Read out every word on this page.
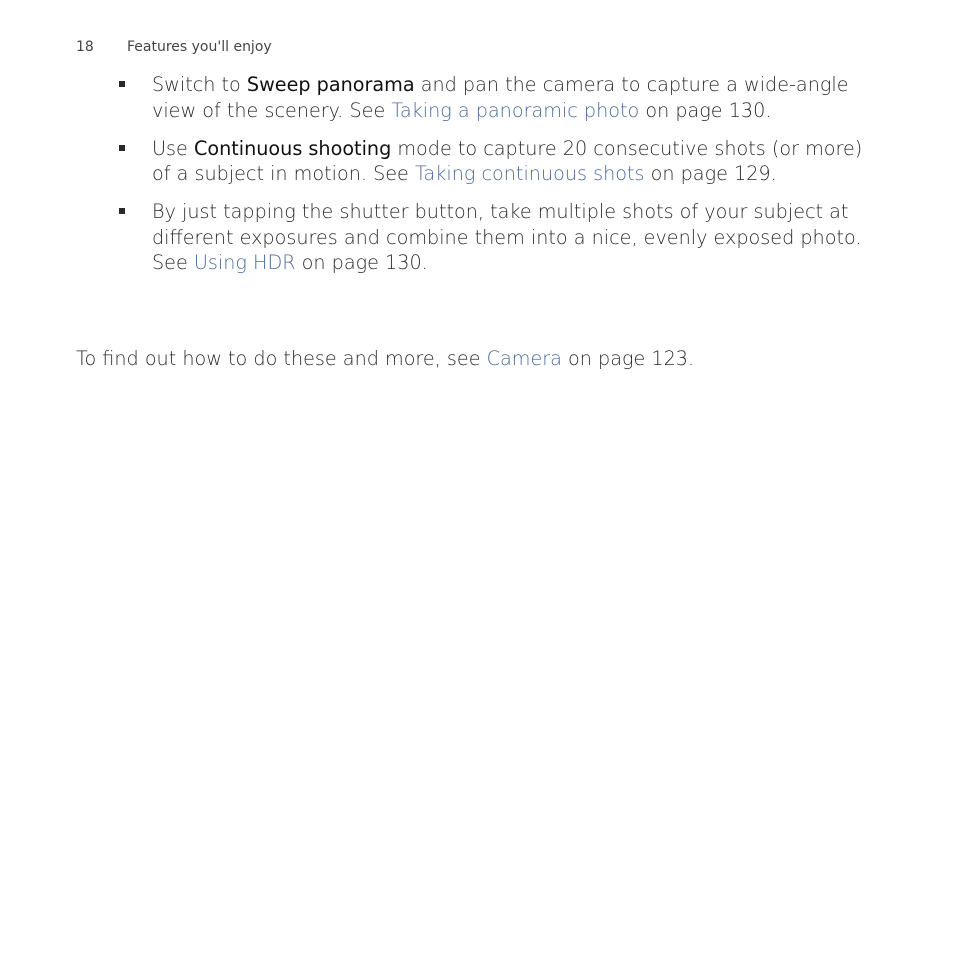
18 Features you'll enjoy
Switch to Sweep panorama and pan the camera to capture a wide-angle view of the scenery. See Taking a panoramic photo on page 130.
Use Continuous shooting mode to capture 20 consecutive shots (or more) of a subject in motion. See Taking continuous shots on page 129.
By just tapping the shutter button, take multiple shots of your subject at different exposures and combine them into a nice, evenly exposed photo. See Using HDR on page 130.

To find out how to do these and more, see Camera on page 123.
